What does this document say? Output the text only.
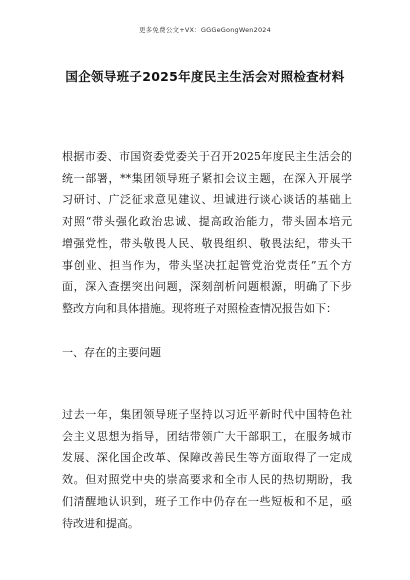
更多免费公文+VX：GGGeGongWen2024
国企领导班子2025年度民主生活会对照检查材料
根据市委、市国资委党委关于召开2025年度民主生活会的
统一部署，**集团领导班子紧扣会议主题，在深入开展学
习研讨、广泛征求意见建议、坦诚进行谈心谈话的基础上
对照“带头强化政治忠诚、提高政治能力，带头固本培元
增强党性，带头敬畏人民、敬畏组织、敬畏法纪，带头干
事创业、担当作为，带头坚决扛起管党治党责任”五个方
面，深入查摆突出问题，深刻剖析问题根源，明确了下步
整改方向和具体措施。现将班子对照检查情况报告如下：
一、存在的主要问题
过去一年，集团领导班子坚持以习近平新时代中国特色社
会主义思想为指导，团结带领广大干部职工，在服务城市
发展、深化国企改革、保障改善民生等方面取得了一定成
效。但对照党中央的崇高要求和全市人民的热切期盼，我
们清醒地认识到，班子工作中仍存在一些短板和不足，亟
待改进和提高。
